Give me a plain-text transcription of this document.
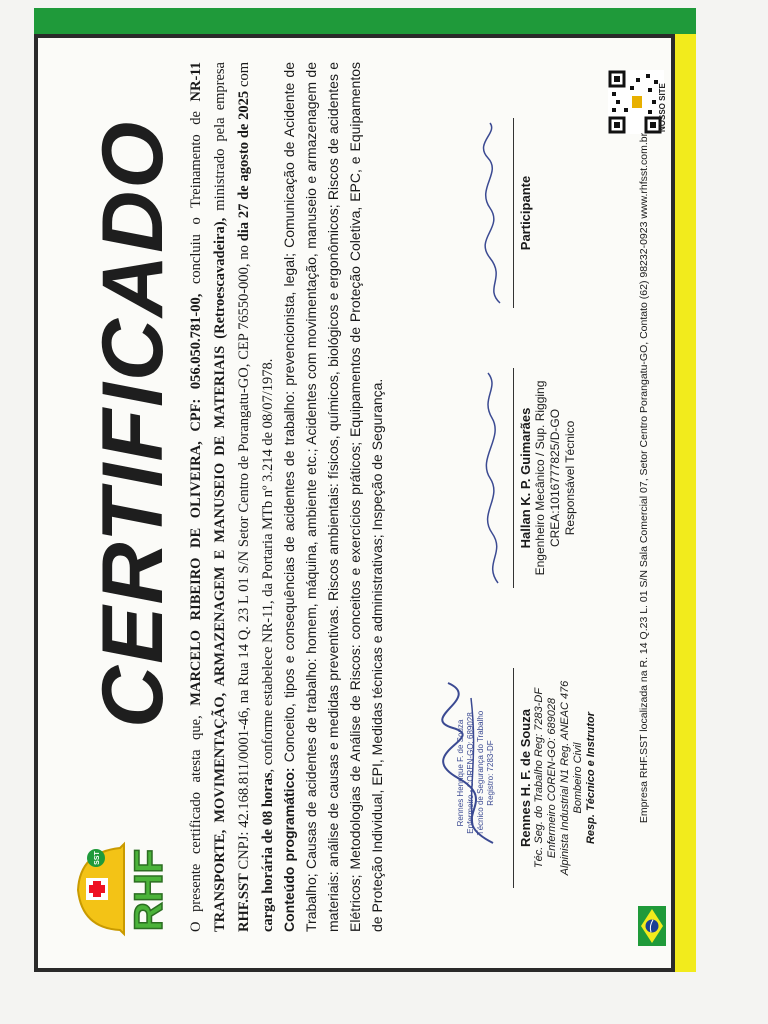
SST RHF
CERTIFICADO
NOSSO SITE
O presente certificado atesta que, MARCELO RIBEIRO DE OLIVEIRA, CPF: 056.050.781-00, concluiu o Treinamento de NR-11 TRANSPORTE, MOVIMENTAÇÃO, ARMAZENAGEM E MANUSEIO DE MATERIAIS (Retroescavadeira), ministrado pela empresa RHF.SST CNPJ: 42.168.811/0001-46, na Rua 14 Q. 23 L 01 S/N Setor Centro de Porangatu-GO, CEP 76550-000, no dia 27 de agosto de 2025 com carga horária de 08 horas, conforme estabelece NR-11, da Portaria MTb nº 3.214 de 08/07/1978.
Conteúdo programático: Conceito, tipos e consequências de acidentes de trabalho: prevencionista, legal; Comunicação de Acidente de Trabalho; Causas de acidentes de trabalho: homem, máquina, ambiente etc.; Acidentes com movimentação, manuseio e armazenagem de materiais: análise de causas e medidas preventivas. Riscos ambientais: físicos, químicos, biológicos e ergonômicos; Riscos de acidentes e Elétricos; Metodologias de Análise de Riscos: conceitos e exercícios práticos; Equipamentos de Proteção Coletiva, EPC, e Equipamentos de Proteção Individual, EPI, Medidas técnicas e administrativas; Inspeção de Segurança.	Rennes Henrique F. de Souza Enfermeiro - COREN-GO: 689028 Técnico de Segurança do Trabalho Registro: 7283-DF Rennes H. F. de Souza Téc. Seg. do Trabalho Reg: 7283-DF Enfermeiro COREN-GO: 689028 Alpinista Industrial N1 Reg. ANEAC 476 Bombeiro Civil Resp. Técnico e Instrutor
Hallan K. P. Guimarães Engenheiro Mecânico / Sup. Rigging CREA:1016777825/D-GO Responsável Técnico
Participante	Empresa RHF.SST localizada na R. 14 Q.23 L. 01 S/N Sala Comercial 07, Setor Centro Porangatu-GO, Contato (62) 98232-0923 www.rhfsst.com.br
